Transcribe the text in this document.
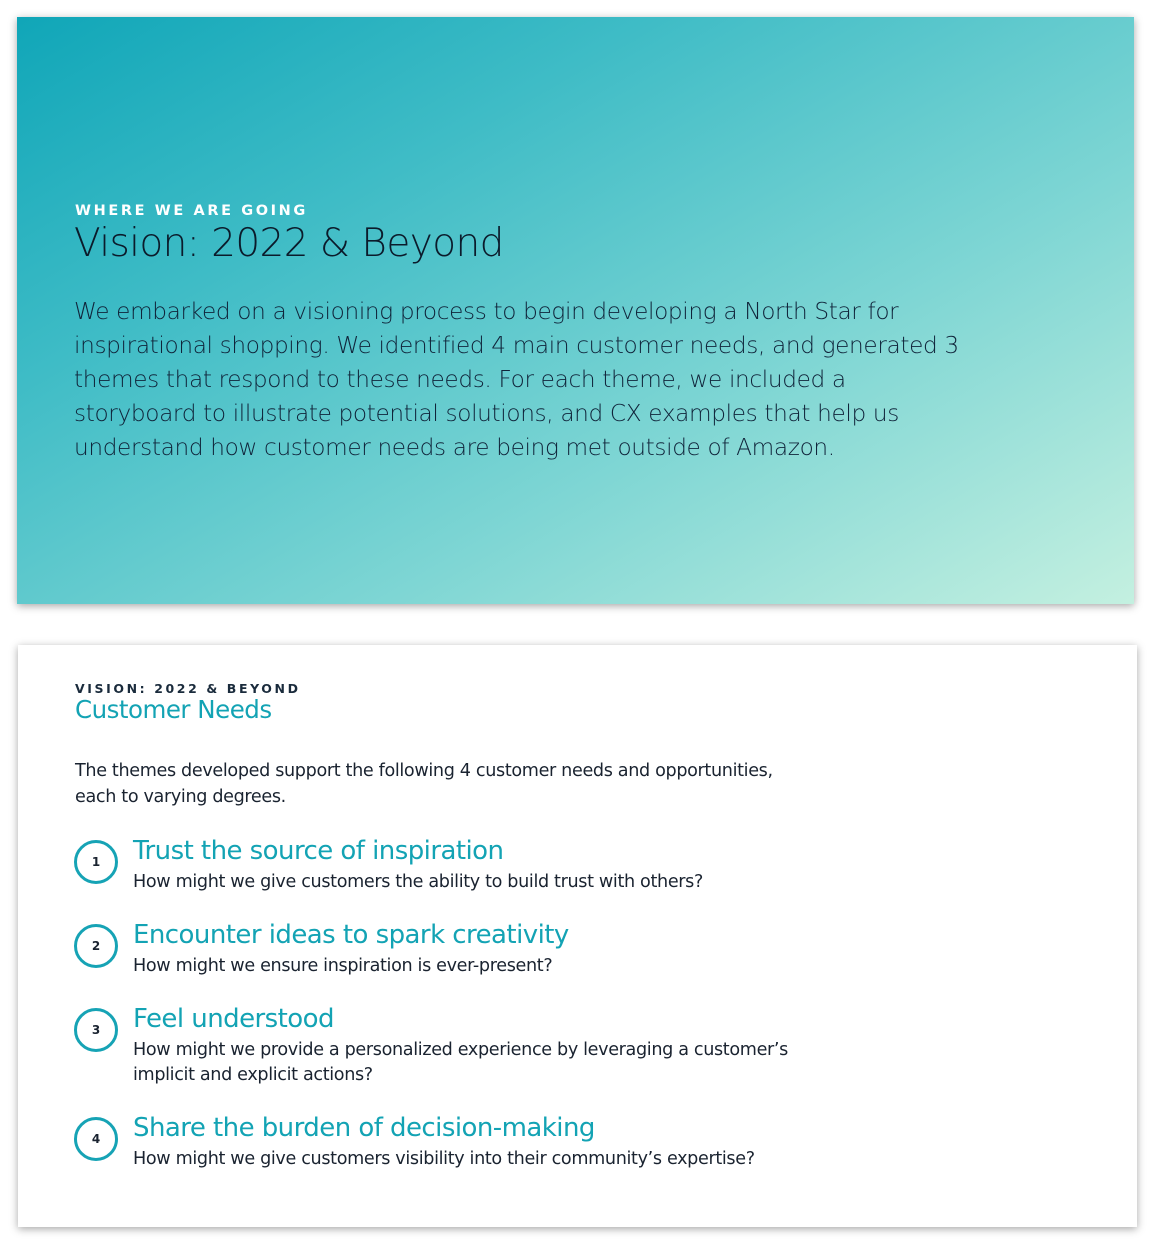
WHERE WE ARE GOING
Vision: 2022 & Beyond
We embarked on a visioning process to begin developing a North Star for
inspirational shopping. We identified 4 main customer needs, and generated 3
themes that respond to these needs. For each theme, we included a
storyboard to illustrate potential solutions, and CX examples that help us
understand how customer needs are being met outside of Amazon.
VISION: 2022 & BEYOND
Customer Needs
The themes developed support the following 4 customer needs and opportunities,
each to varying degrees.
1	Trust the source of inspiration
How might we give customers the ability to build trust with others?
2	Encounter ideas to spark creativity
How might we ensure inspiration is ever-present?
3	Feel understood
How might we provide a personalized experience by leveraging a customer’s
implicit and explicit actions?
4	Share the burden of decision-making
How might we give customers visibility into their community’s expertise?
